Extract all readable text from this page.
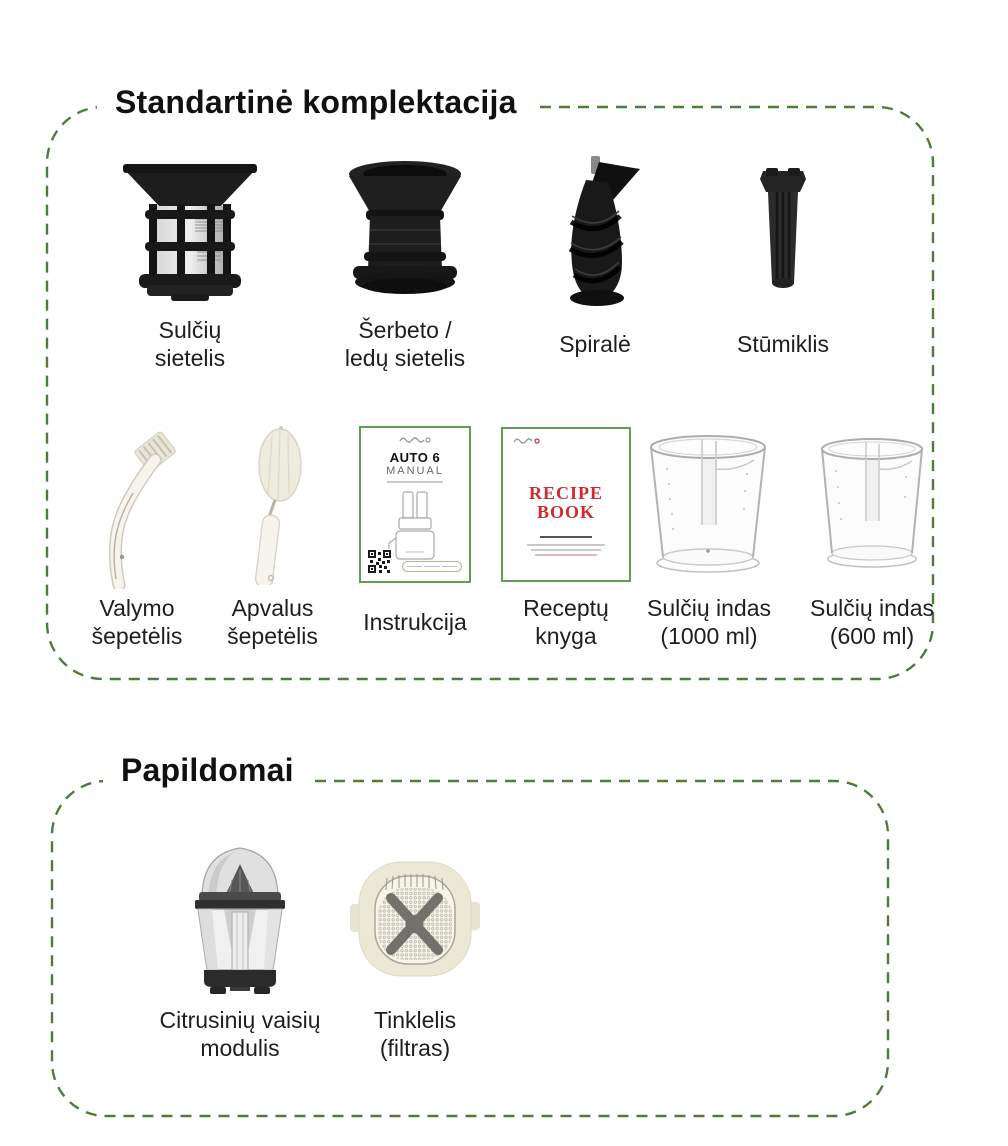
Standartinė komplektacija
Papildomai
Sulčių
sietelis
Šerbeto /
ledų sietelis
Spiralė	Stūmiklis
Valymo
šepetėlis
Apvalus
šepetėlis
AUTO 6
MANUAL
Instrukcija
RECIPE
BOOK
Receptų
knyga
Sulčių indas
(1000 ml)
Sulčių indas
(600 ml)
Citrusinių vaisių
modulis
Tinklelis
(filtras)
